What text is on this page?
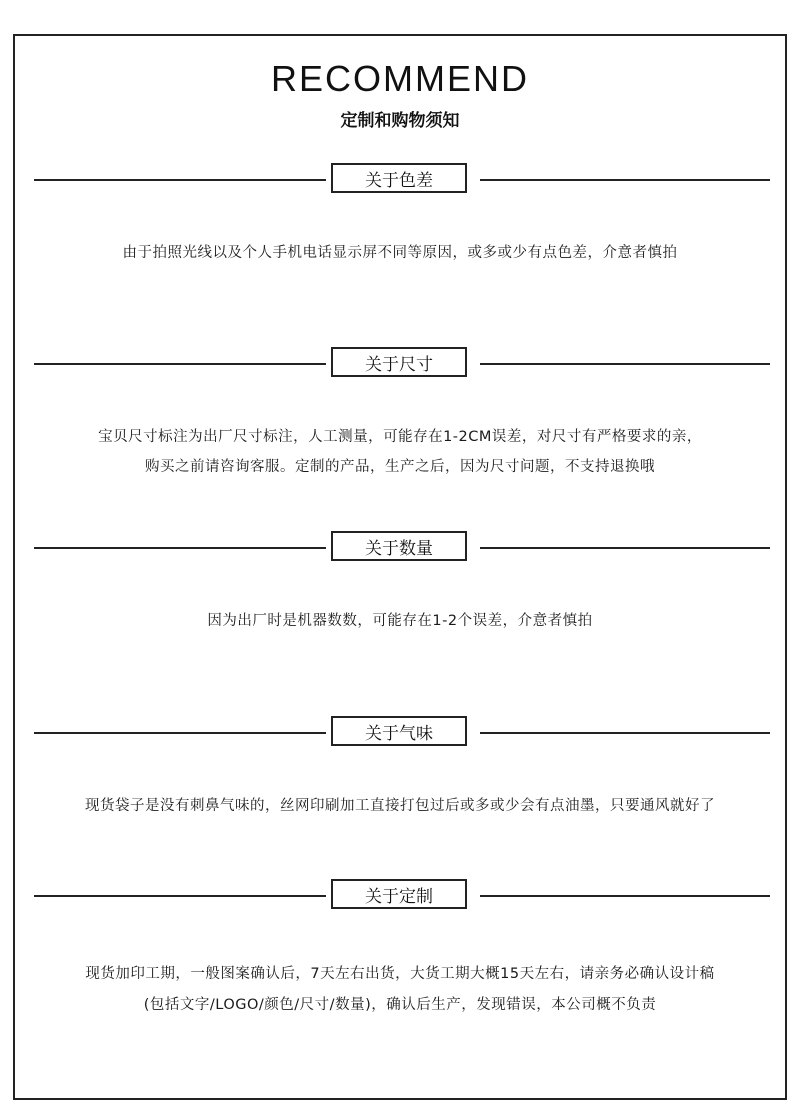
RECOMMEND
定制和购物须知
关于色差
由于拍照光线以及个人手机电话显示屏不同等原因，或多或少有点色差，介意者慎拍
关于尺寸
宝贝尺寸标注为出厂尺寸标注，人工测量，可能存在1-2CM误差，对尺寸有严格要求的亲，
购买之前请咨询客服。定制的产品，生产之后，因为尺寸问题，不支持退换哦
关于数量
因为出厂时是机器数数，可能存在1-2个误差，介意者慎拍
关于气味
现货袋子是没有刺鼻气味的，丝网印刷加工直接打包过后或多或少会有点油墨，只要通风就好了
关于定制
现货加印工期，一般图案确认后，7天左右出货，大货工期大概15天左右，请亲务必确认设计稿
(包括文字/LOGO/颜色/尺寸/数量)，确认后生产，发现错误，本公司概不负责
